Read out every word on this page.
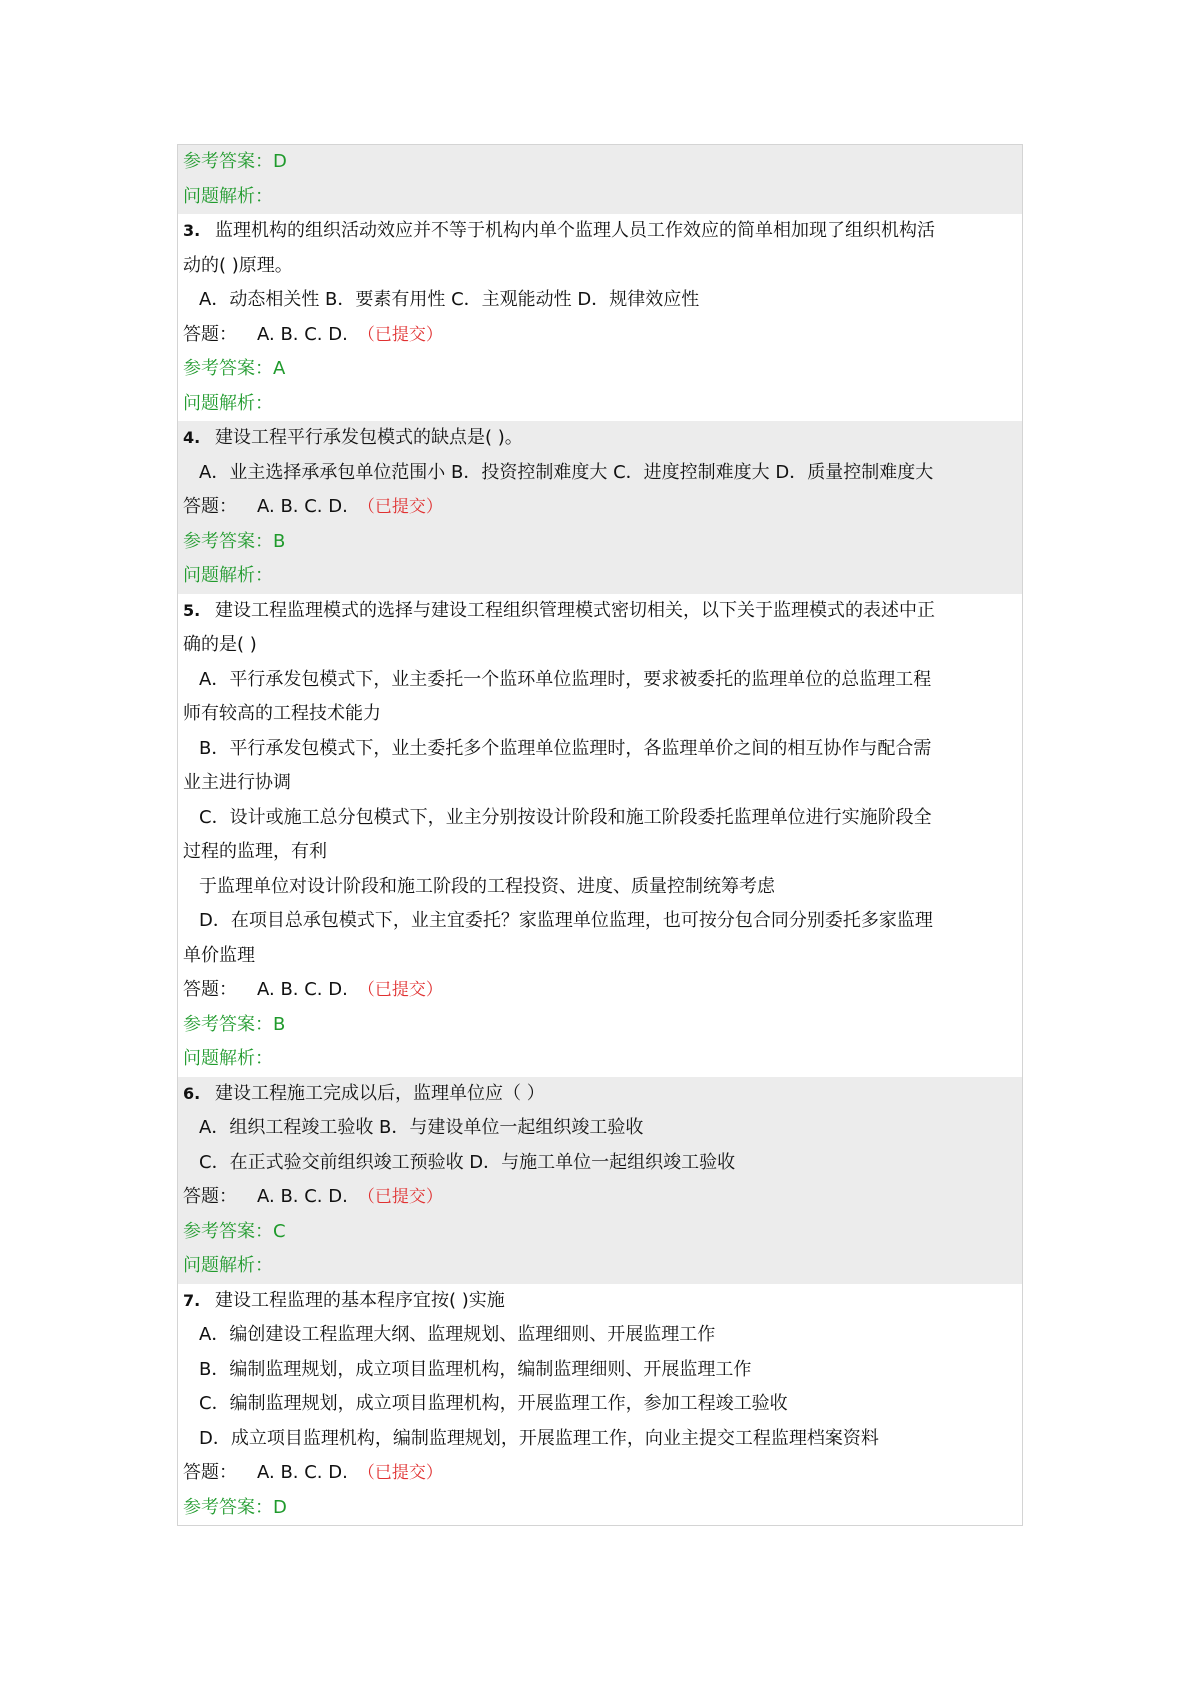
参考答案：D
问题解析：
3. 监理机构的组织活动效应并不等于机构内单个监理人员工作效应的简单相加现了组织机构活
动的( )原理。
A．动态相关性 B．要素有用性 C．主观能动性 D．规律效应性
答题： A. B. C. D. （已提交）
参考答案：A
问题解析：
4. 建设工程平行承发包模式的缺点是( )。
A．业主选择承承包单位范围小 B．投资控制难度大 C．进度控制难度大 D．质量控制难度大
答题： A. B. C. D. （已提交）
参考答案：B
问题解析：
5. 建设工程监理模式的选择与建设工程组织管理模式密切相关，以下关于监理模式的表述中正
确的是( )
A．平行承发包模式下，业主委托一个监环单位监理时，要求被委托的监理单位的总监理工程
师有较高的工程技术能力
B．平行承发包模式下，业土委托多个监理单位监理时，各监理单价之间的相互协作与配合需
业主进行协调
C．设计或施工总分包模式下，业主分别按设计阶段和施工阶段委托监理单位进行实施阶段全
过程的监理，有利
于监理单位对设计阶段和施工阶段的工程投资、进度、质量控制统筹考虑
D．在项目总承包模式下，业主宜委托？家监理单位监理，也可按分包合同分别委托多家监理
单价监理
答题： A. B. C. D. （已提交）
参考答案：B
问题解析：
6. 建设工程施工完成以后，监理单位应（ ）
A．组织工程竣工验收 B．与建设单位一起组织竣工验收
C．在正式验交前组织竣工预验收 D．与施工单位一起组织竣工验收
答题： A. B. C. D. （已提交）
参考答案：C
问题解析：
7. 建设工程监理的基本程序宜按( )实施
A．编创建设工程监理大纲、监理规划、监理细则、开展监理工作
B．编制监理规划，成立项目监理机构，编制监理细则、开展监理工作
C．编制监理规划，成立项目监理机构，开展监理工作，参加工程竣工验收
D．成立项目监理机构，编制监理规划，开展监理工作，向业主提交工程监理档案资料
答题： A. B. C. D. （已提交）
参考答案：D
